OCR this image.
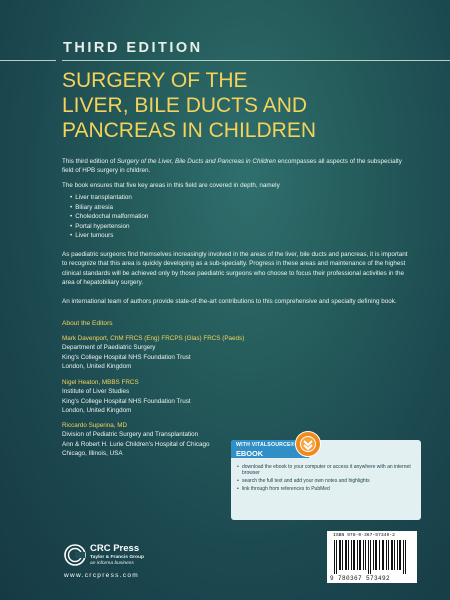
THIRD EDITION
SURGERY OF THE
LIVER, BILE DUCTS AND
PANCREAS IN CHILDREN
This third edition of Surgery of the Liver, Bile Ducts and Pancreas in Children encompasses all aspects of the subspecialty field of HPB surgery in children.
The book ensures that five key areas in this field are covered in depth, namely
• Liver transplantation
• Biliary atresia
• Choledochal malformation
• Portal hypertension
• Liver tumours
As paediatric surgeons find themselves increasingly involved in the areas of the liver, bile ducts and pancreas, it is important to recognize that this area is quickly developing as a sub-specialty. Progress in these areas and maintenance of the highest clinical standards will be achieved only by those paediatric surgeons who choose to focus their professional activities in the area of hepatobiliary surgery.
An international team of authors provide state-of-the-art contributions to this comprehensive and specialty defining book.
About the Editors
Mark Davenport, ChM FRCS (Eng) FRCPS (Glas) FRCS (Paeds)
Department of Paediatric Surgery
King's College Hospital NHS Foundation Trust
London, United Kingdom
Nigel Heaton, MBBS FRCS
Institute of Liver Studies
King's College Hospital NHS Foundation Trust
London, United Kingdom
Riccardo Superina, MD
Division of Pediatric Surgery and Transplantation
Ann & Robert H. Lurie Children's Hospital of Chicago
Chicago, Illinois, USA
WITH VITALSOURCE®
EBOOK
• download the ebook to your computer or access it anywhere with an internet browser
• search the full text and add your own notes and highlights
• link through from references to PubMed
ISBN 978-0-367-57349-2
9 780367 573492
CRC Press
Taylor & Francis Group
an informa business
www.crcpress.com
